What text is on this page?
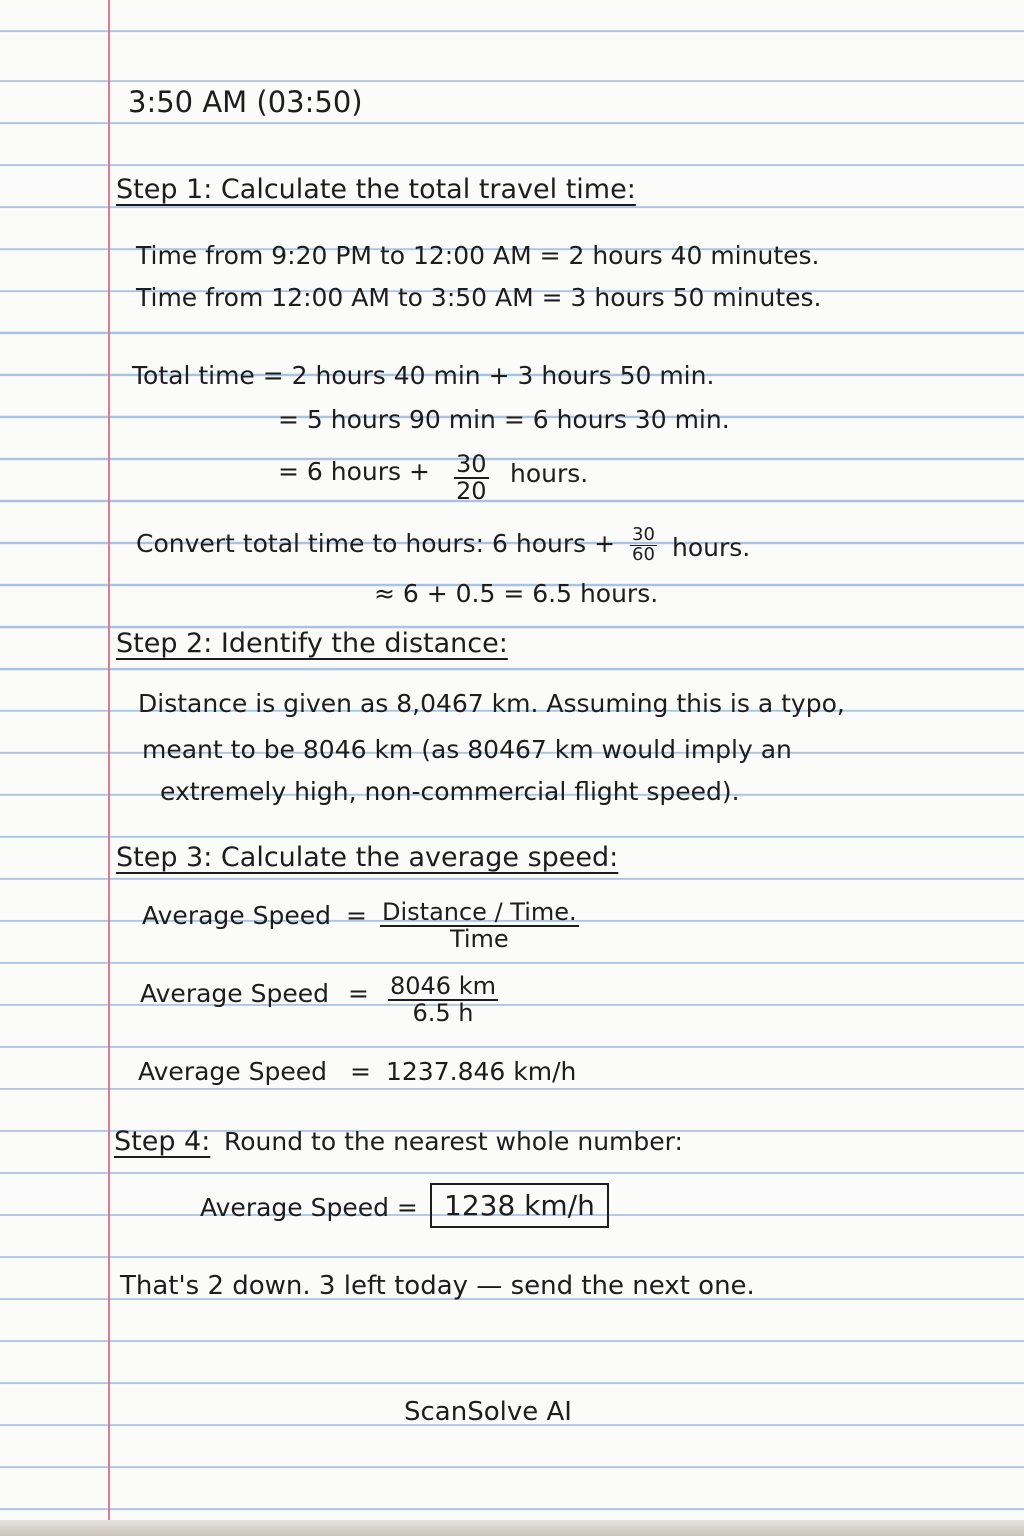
3:50 AM (03:50)
Step 1: Calculate the total travel time:
Time from 9:20 PM to 12:00 AM = 2 hours 40 minutes.
Time from 12:00 AM to 3:50 AM = 3 hours 50 minutes.
Total time = 2 hours 40 min + 3 hours 50 min.
= 5 hours 90 min = 6 hours 30 min.
= 6 hours + $\frac{30}{20}$ hours.
Convert total time to hours: 6 hours + $\frac{30}{60}$ hours.
≈ 6 + 0.5 = 6.5 hours.
Step 2: Identify the distance:
Distance is given as 8,0467 km. Assuming this is a typo,
meant to be 8046 km (as 80467 km would imply an
extremely high, non-commercial flight speed).
Step 3: Calculate the average speed:
Average Speed = Distance / Time.
Time
Average Speed = $\frac{8046 km}{6.5 h}$
Average Speed = 1237.846 km/h
Step 4: Round to the nearest whole number:
Average Speed = 1238 km/h
That's 2 down. 3 left today — send the next one.
ScanSolve AI
